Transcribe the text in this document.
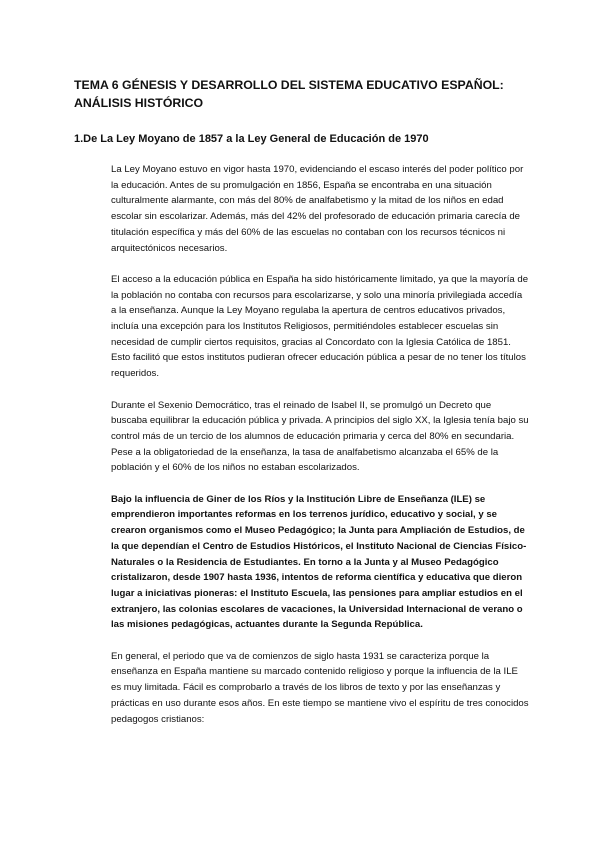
TEMA 6 GÉNESIS Y DESARROLLO DEL SISTEMA EDUCATIVO ESPAÑOL: ANÁLISIS HISTÓRICO
1.De La Ley Moyano de 1857 a la Ley General de Educación de 1970

La Ley Moyano estuvo en vigor hasta 1970, evidenciando el escaso interés del poder político por la educación. Antes de su promulgación en 1856, España se encontraba en una situación culturalmente alarmante, con más del 80% de analfabetismo y la mitad de los niños en edad escolar sin escolarizar. Además, más del 42% del profesorado de educación primaria carecía de titulación específica y más del 60% de las escuelas no contaban con los recursos técnicos ni arquitectónicos necesarios.

El acceso a la educación pública en España ha sido históricamente limitado, ya que la mayoría de la población no contaba con recursos para escolarizarse, y solo una minoría privilegiada accedía a la enseñanza. Aunque la Ley Moyano regulaba la apertura de centros educativos privados, incluía una excepción para los Institutos Religiosos, permitiéndoles establecer escuelas sin necesidad de cumplir ciertos requisitos, gracias al Concordato con la Iglesia Católica de 1851. Esto facilitó que estos institutos pudieran ofrecer educación pública a pesar de no tener los títulos requeridos.

Durante el Sexenio Democrático, tras el reinado de Isabel II, se promulgó un Decreto que buscaba equilibrar la educación pública y privada. A principios del siglo XX, la Iglesia tenía bajo su control más de un tercio de los alumnos de educación primaria y cerca del 80% en secundaria. Pese a la obligatoriedad de la enseñanza, la tasa de analfabetismo alcanzaba el 65% de la población y el 60% de los niños no estaban escolarizados.

Bajo la influencia de Giner de los Ríos y la Institución Libre de Enseñanza (ILE) se emprendieron importantes reformas en los terrenos jurídico, educativo y social, y se crearon organismos como el Museo Pedagógico; la Junta para Ampliación de Estudios, de la que dependían el Centro de Estudios Históricos, el Instituto Nacional de Ciencias Físico-Naturales o la Residencia de Estudiantes. En torno a la Junta y al Museo Pedagógico cristalizaron, desde 1907 hasta 1936, intentos de reforma científica y educativa que dieron lugar a iniciativas pioneras: el Instituto Escuela, las pensiones para ampliar estudios en el extranjero, las colonias escolares de vacaciones, la Universidad Internacional de verano o las misiones pedagógicas, actuantes durante la Segunda República.

En general, el periodo que va de comienzos de siglo hasta 1931 se caracteriza porque la enseñanza en España mantiene su marcado contenido religioso y porque la influencia de la ILE es muy limitada. Fácil es comprobarlo a través de los libros de texto y por las enseñanzas y prácticas en uso durante esos años. En este tiempo se mantiene vivo el espíritu de tres conocidos pedagogos cristianos:
